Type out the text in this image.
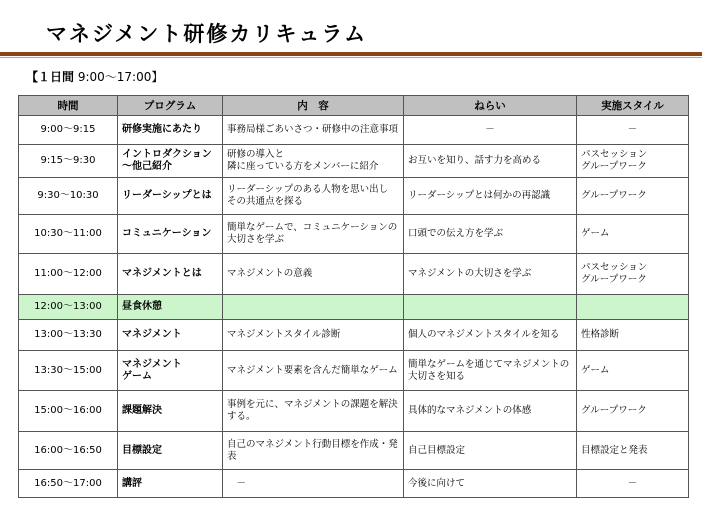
マネジメント研修カリキュラム
【１日間 9:00〜17:00】
時間	プログラム	内　容	ねらい	実施スタイル
9:00〜9:15	研修実施にあたり	事務局様ごあいさつ・研修中の注意事項	－	－

9:15〜9:30	イントロダクション
〜他己紹介	研修の導入と
隣に座っている方をメンバーに紹介	お互いを知り、話す力を高める	パスセッション
グループワーク

9:30〜10:30	リーダーシップとは	リーダーシップのある人物を思い出し
その共通点を探る	リーダーシップとは何かの再認識	グループワーク

10:30〜11:00	コミュニケーション	簡単なゲームで、コミュニケーションの
大切さを学ぶ	口頭での伝え方を学ぶ	ゲーム

11:00〜12:00	マネジメントとは	マネジメントの意義	マネジメントの大切さを学ぶ	パスセッション
グループワーク

12:00〜13:00	昼食休憩			

13:00〜13:30	マネジメント	マネジメントスタイル診断	個人のマネジメントスタイルを知る	性格診断

13:30〜15:00	マネジメント
ゲーム	マネジメント要素を含んだ簡単なゲーム	簡単なゲームを通じてマネジメントの
大切さを知る	ゲーム

15:00〜16:00	課題解決	事例を元に、マネジメントの課題を解決する。	具体的なマネジメントの体感	グループワーク

16:00〜16:50	目標設定	自己のマネジメント行動目標を作成・発表	自己目標設定	目標設定と発表

16:50〜17:00	講評	　－	今後に向けて	－
